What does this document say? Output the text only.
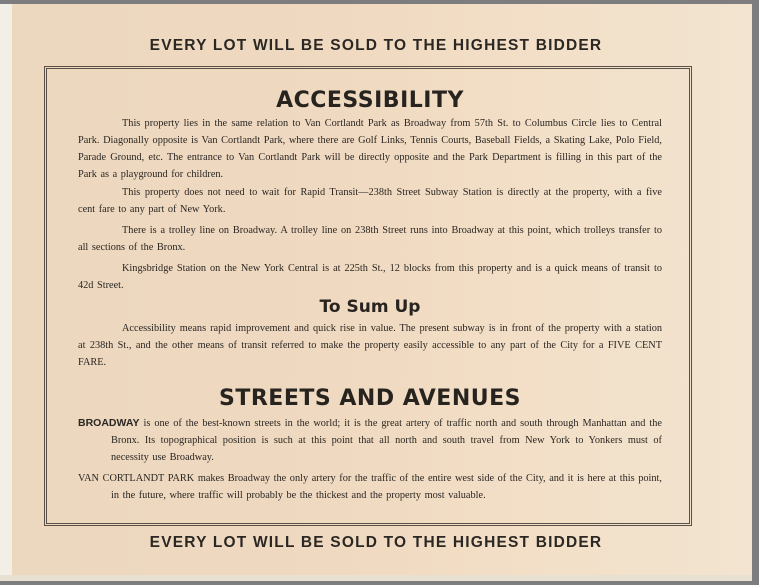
EVERY LOT WILL BE SOLD TO THE HIGHEST BIDDER
ACCESSIBILITY

This property lies in the same relation to Van Cortlandt Park as Broadway from 57th St. to Columbus Circle lies to Central Park. Diagonally opposite is Van Cortlandt Park, where there are Golf Links, Tennis Courts, Baseball Fields, a Skating Lake, Polo Field, Parade Ground, etc. The entrance to Van Cortlandt Park will be directly opposite and the Park Department is filling in this part of the Park as a playground for children.

This property does not need to wait for Rapid Transit—238th Street Subway Station is directly at the property, with a five cent fare to any part of New York.

There is a trolley line on Broadway. A trolley line on 238th Street runs into Broadway at this point, which trolleys transfer to all sections of the Bronx.

Kingsbridge Station on the New York Central is at 225th St., 12 blocks from this property and is a quick means of transit to 42d Street.

To Sum Up

Accessibility means rapid improvement and quick rise in value. The present subway is in front of the property with a station at 238th St., and the other means of transit referred to make the property easily accessible to any part of the City for a FIVE CENT FARE.

STREETS AND AVENUES

BROADWAY is one of the best-known streets in the world; it is the great artery of traffic north and south through Manhattan and the Bronx. Its topographical position is such at this point that all north and south travel from New York to Yonkers must of necessity use Broadway.

VAN CORTLANDT PARK makes Broadway the only artery for the traffic of the entire west side of the City, and it is here at this point, in the future, where traffic will probably be the thickest and the property most valuable.

EVERY LOT WILL BE SOLD TO THE HIGHEST BIDDER
